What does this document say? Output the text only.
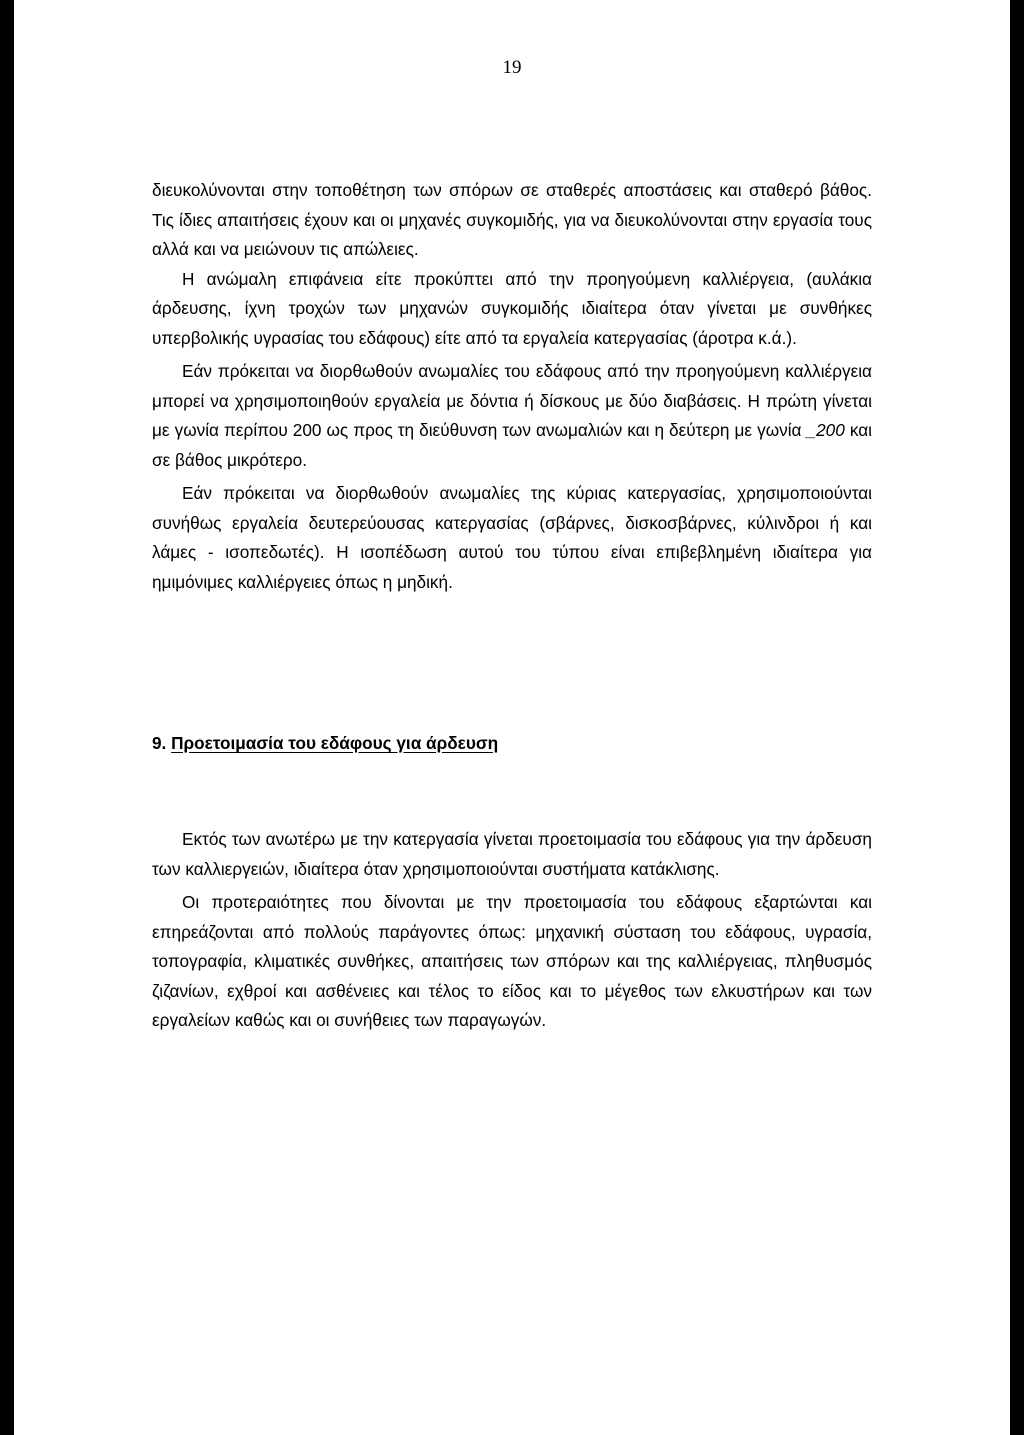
19

διευκολύνονται στην τοποθέτηση των σπόρων σε σταθερές αποστάσεις και σταθερό βάθος. Τις ίδιες απαιτήσεις έχουν και οι μηχανές συγκομιδής, για να διευκολύνονται στην εργασία τους αλλά και να μειώνουν τις απώλειες.

Η ανώμαλη επιφάνεια είτε προκύπτει από την προηγούμενη καλλιέργεια, (αυλάκια άρδευσης, ίχνη τροχών των μηχανών συγκομιδής ιδιαίτερα όταν γίνεται με συνθήκες υπερβολικής υγρασίας του εδάφους) είτε από τα εργαλεία κατεργασίας (άροτρα κ.ά.).

Εάν πρόκειται να διορθωθούν ανωμαλίες του εδάφους από την προηγούμενη καλλιέργεια μπορεί να χρησιμοποιηθούν εργαλεία με δόντια ή δίσκους με δύο διαβάσεις. Η πρώτη γίνεται με γωνία περίπου 200 ως προς τη διεύθυνση των ανωμαλιών και η δεύτερη με γωνία _200 και σε βάθος μικρότερο.

Εάν πρόκειται να διορθωθούν ανωμαλίες της κύριας κατεργασίας, χρησιμοποιούνται συνήθως εργαλεία δευτερεύουσας κατεργασίας (σβάρνες, δισκοσβάρνες, κύλινδροι ή και λάμες - ισοπεδωτές). Η ισοπέδωση αυτού του τύπου είναι επιβεβλημένη ιδιαίτερα για ημιμόνιμες καλλιέργειες όπως η μηδική.

9. Προετοιμασία του εδάφους για άρδευση

Εκτός των ανωτέρω με την κατεργασία γίνεται προετοιμασία του εδάφους για την άρδευση των καλλιεργειών, ιδιαίτερα όταν χρησιμοποιούνται συστήματα κατάκλισης.

Οι προτεραιότητες που δίνονται με την προετοιμασία του εδάφους εξαρτώνται και επηρεάζονται από πολλούς παράγοντες όπως: μηχανική σύσταση του εδάφους, υγρασία, τοπογραφία, κλιματικές συνθήκες, απαιτήσεις των σπόρων και της καλλιέργειας, πληθυσμός ζιζανίων, εχθροί και ασθένειες και τέλος το είδος και το μέγεθος των ελκυστήρων και των εργαλείων καθώς και οι συνήθειες των παραγωγών.
